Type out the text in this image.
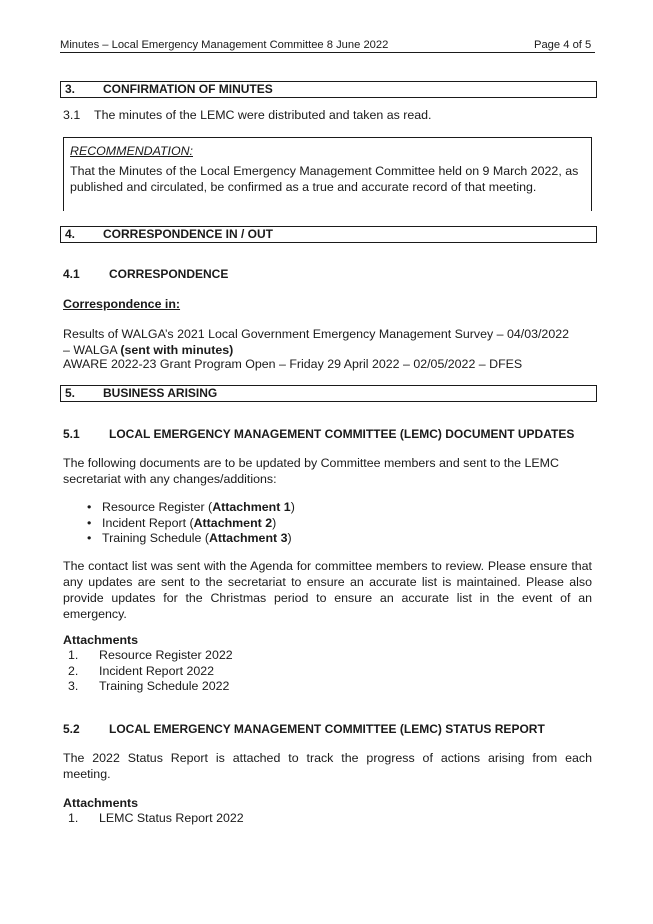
Minutes – Local Emergency Management Committee 8 June 2022	Page 4 of 5
3. CONFIRMATION OF MINUTES
3.1 The minutes of the LEMC were distributed and taken as read.
RECOMMENDATION:
That the Minutes of the Local Emergency Management Committee held on 9 March 2022, as published and circulated, be confirmed as a true and accurate record of that meeting.
4. CORRESPONDENCE IN / OUT
4.1 CORRESPONDENCE
Correspondence in:
Results of WALGA’s 2021 Local Government Emergency Management Survey – 04/03/2022
– WALGA (sent with minutes)
AWARE 2022-23 Grant Program Open – Friday 29 April 2022 – 02/05/2022 – DFES
5. BUSINESS ARISING
5.1 LOCAL EMERGENCY MANAGEMENT COMMITTEE (LEMC) DOCUMENT UPDATES
The following documents are to be updated by Committee members and sent to the LEMC secretariat with any changes/additions:
• Resource Register (Attachment 1)
• Incident Report (Attachment 2)
• Training Schedule (Attachment 3)
The contact list was sent with the Agenda for committee members to review. Please ensure that any updates are sent to the secretariat to ensure an accurate list is maintained. Please also provide updates for the Christmas period to ensure an accurate list in the event of an emergency.
Attachments
1. Resource Register 2022
2. Incident Report 2022
3. Training Schedule 2022
5.2 LOCAL EMERGENCY MANAGEMENT COMMITTEE (LEMC) STATUS REPORT
The 2022 Status Report is attached to track the progress of actions arising from each meeting.
Attachments
1. LEMC Status Report 2022
